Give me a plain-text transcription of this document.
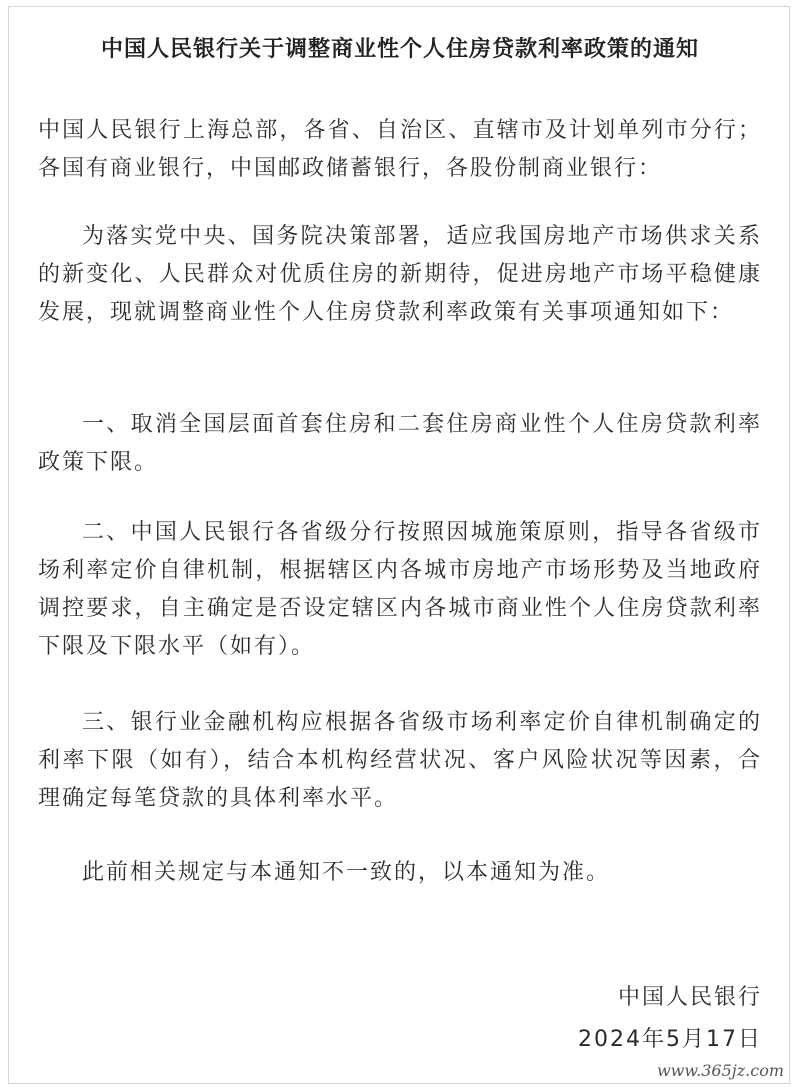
中国人民银行关于调整商业性个人住房贷款利率政策的通知

中国人民银行上海总部，各省、自治区、直辖市及计划单列市分行；各国有商业银行，中国邮政储蓄银行，各股份制商业银行：

为落实党中央、国务院决策部署，适应我国房地产市场供求关系的新变化、人民群众对优质住房的新期待，促进房地产市场平稳健康发展，现就调整商业性个人住房贷款利率政策有关事项通知如下：

一、取消全国层面首套住房和二套住房商业性个人住房贷款利率政策下限。

二、中国人民银行各省级分行按照因城施策原则，指导各省级市场利率定价自律机制，根据辖区内各城市房地产市场形势及当地政府调控要求，自主确定是否设定辖区内各城市商业性个人住房贷款利率下限及下限水平（如有）。

三、银行业金融机构应根据各省级市场利率定价自律机制确定的利率下限（如有），结合本机构经营状况、客户风险状况等因素，合理确定每笔贷款的具体利率水平。

此前相关规定与本通知不一致的，以本通知为准。

中国人民银行
2024年5月17日
www.365jz.com
